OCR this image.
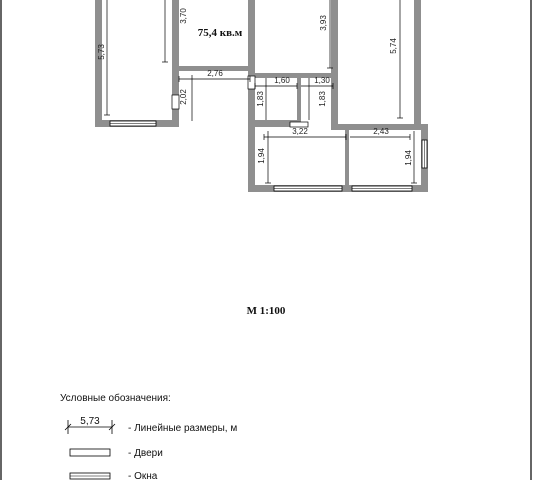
5,73
3,70	3,93
5,74
2,76
2,02
1,60	1,30
1,83	1,83
3,22	2,43
1,94	1,94
75,4 кв.м
М 1:100
Условные обозначения:
5,73
- Линейные размеры, м
- Двери
- Окна
